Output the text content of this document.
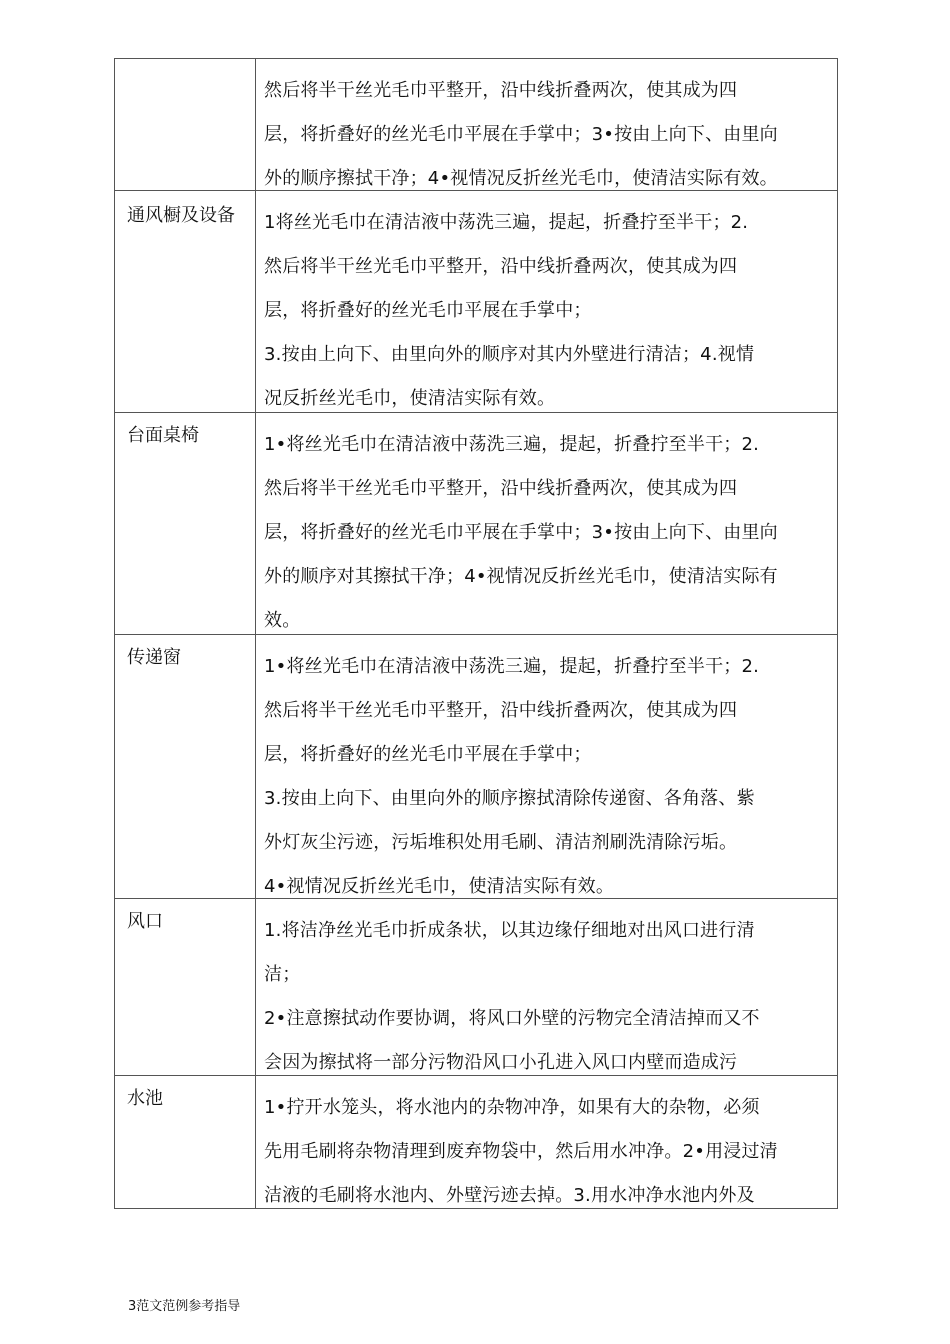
然后将半干丝光毛巾平整开，沿中线折叠两次，使其成为四
层，将折叠好的丝光毛巾平展在手掌中；3•按由上向下、由里向
外的顺序擦拭干净；4•视情况反折丝光毛巾，使清洁实际有效。
通风橱及设备	1将丝光毛巾在清洁液中荡洗三遍，提起，折叠拧至半干；2.
然后将半干丝光毛巾平整开，沿中线折叠两次，使其成为四
层，将折叠好的丝光毛巾平展在手掌中；
3.按由上向下、由里向外的顺序对其内外壁进行清洁；4.视情
况反折丝光毛巾，使清洁实际有效。
台面桌椅	1•将丝光毛巾在清洁液中荡洗三遍，提起，折叠拧至半干；2.
然后将半干丝光毛巾平整开，沿中线折叠两次，使其成为四
层，将折叠好的丝光毛巾平展在手掌中；3•按由上向下、由里向
外的顺序对其擦拭干净；4•视情况反折丝光毛巾，使清洁实际有
效。
传递窗	1•将丝光毛巾在清洁液中荡洗三遍，提起，折叠拧至半干；2.
然后将半干丝光毛巾平整开，沿中线折叠两次，使其成为四
层，将折叠好的丝光毛巾平展在手掌中；
3.按由上向下、由里向外的顺序擦拭清除传递窗、各角落、紫
外灯灰尘污迹，污垢堆积处用毛刷、清洁剂刷洗清除污垢。
4•视情况反折丝光毛巾，使清洁实际有效。
风口	1.将洁净丝光毛巾折成条状，以其边缘仔细地对出风口进行清
洁；
2•注意擦拭动作要协调，将风口外壁的污物完全清洁掉而又不
会因为擦拭将一部分污物沿风口小孔进入风口内壁而造成污
水池	1•拧开水笼头，将水池内的杂物冲净，如果有大的杂物，必须
先用毛刷将杂物清理到废弃物袋中，然后用水冲净。2•用浸过清
洁液的毛刷将水池内、外壁污迹去掉。3.用水冲净水池内外及
3范文范例参考指导
